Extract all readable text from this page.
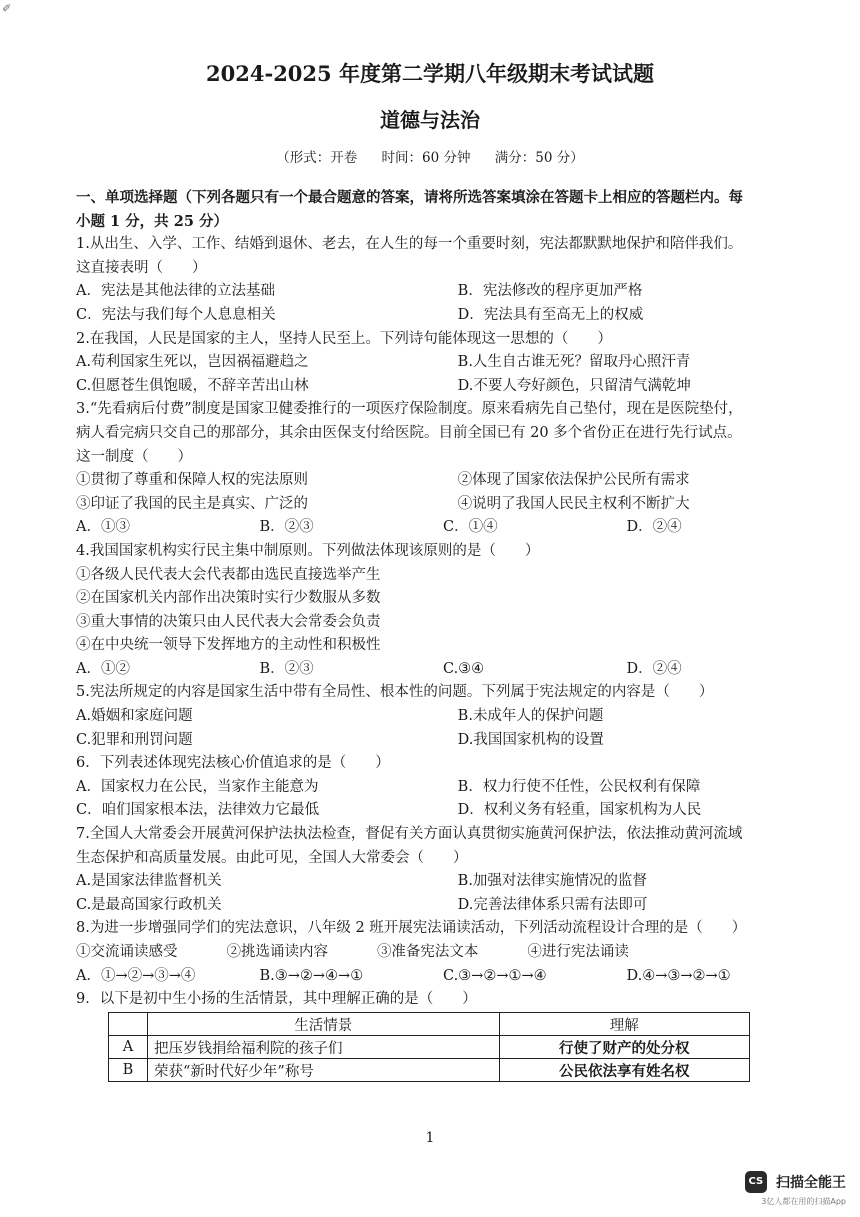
✐
2024-2025 年度第二学期八年级期末考试试题
道德与法治
（形式：开卷 时间：60 分钟 满分：50 分）
一、单项选择题（下列各题只有一个最合题意的答案，请将所选答案填涂在答题卡上相应的答题栏内。每
小题 1 分，共 25 分）
1.从出生、入学、工作、结婚到退休、老去，在人生的每一个重要时刻，宪法都默默地保护和陪伴我们。
这直接表明（　　）
A．宪法是其他法律的立法基础	B．宪法修改的程序更加严格
C．宪法与我们每个人息息相关	D．宪法具有至高无上的权威
2.在我国，人民是国家的主人，坚持人民至上。下列诗句能体现这一思想的（　　）
A.苟利国家生死以，岂因祸福避趋之	B.人生自古谁无死？留取丹心照汗青
C.但愿苍生俱饱暖，不辞辛苦出山林	D.不要人夸好颜色，只留清气满乾坤
3.“先看病后付费”制度是国家卫健委推行的一项医疗保险制度。原来看病先自己垫付，现在是医院垫付，
病人看完病只交自己的那部分，其余由医保支付给医院。目前全国已有 20 多个省份正在进行先行试点。
这一制度（　　）
①贯彻了尊重和保障人权的宪法原则	②体现了国家依法保护公民所有需求
③印证了我国的民主是真实、广泛的	④说明了我国人民民主权利不断扩大
A．①③	B．②③	C．①④	D．②④
4.我国国家机构实行民主集中制原则。下列做法体现该原则的是（　　）
①各级人民代表大会代表都由选民直接选举产生
②在国家机关内部作出决策时实行少数服从多数
③重大事情的决策只由人民代表大会常委会负责
④在中央统一领导下发挥地方的主动性和积极性
A．①②	B．②③	C.③④	D．②④
5.宪法所规定的内容是国家生活中带有全局性、根本性的问题。下列属于宪法规定的内容是（　　）
A.婚姻和家庭问题	B.未成年人的保护问题
C.犯罪和刑罚问题	D.我国国家机构的设置
6．下列表述体现宪法核心价值追求的是（　　）
A．国家权力在公民，当家作主能意为	B．权力行使不任性，公民权利有保障
C．咱们国家根本法，法律效力它最低	D．权利义务有轻重，国家机构为人民
7.全国人大常委会开展黄河保护法执法检查，督促有关方面认真贯彻实施黄河保护法，依法推动黄河流域
生态保护和高质量发展。由此可见，全国人大常委会（　　）
A.是国家法律监督机关	B.加强对法律实施情况的监督
C.是最高国家行政机关	D.完善法律体系只需有法即可
8.为进一步增强同学们的宪法意识，八年级 2 班开展宪法诵读活动，下列活动流程设计合理的是（　　）
①交流诵读感受	②挑选诵读内容	③准备宪法文本	④进行宪法诵读
A．①→②→③→④	B.③→②→④→①	C.③→②→①→④	D.④→③→②→①
9．以下是初中生小扬的生活情景，其中理解正确的是（　　）
	生活情景	理解
A	把压岁钱捐给福利院的孩子们	行使了财产的处分权
B	荣获“新时代好少年”称号	公民依法享有姓名权
1
CS 扫描全能王
3亿人都在用的扫描App
